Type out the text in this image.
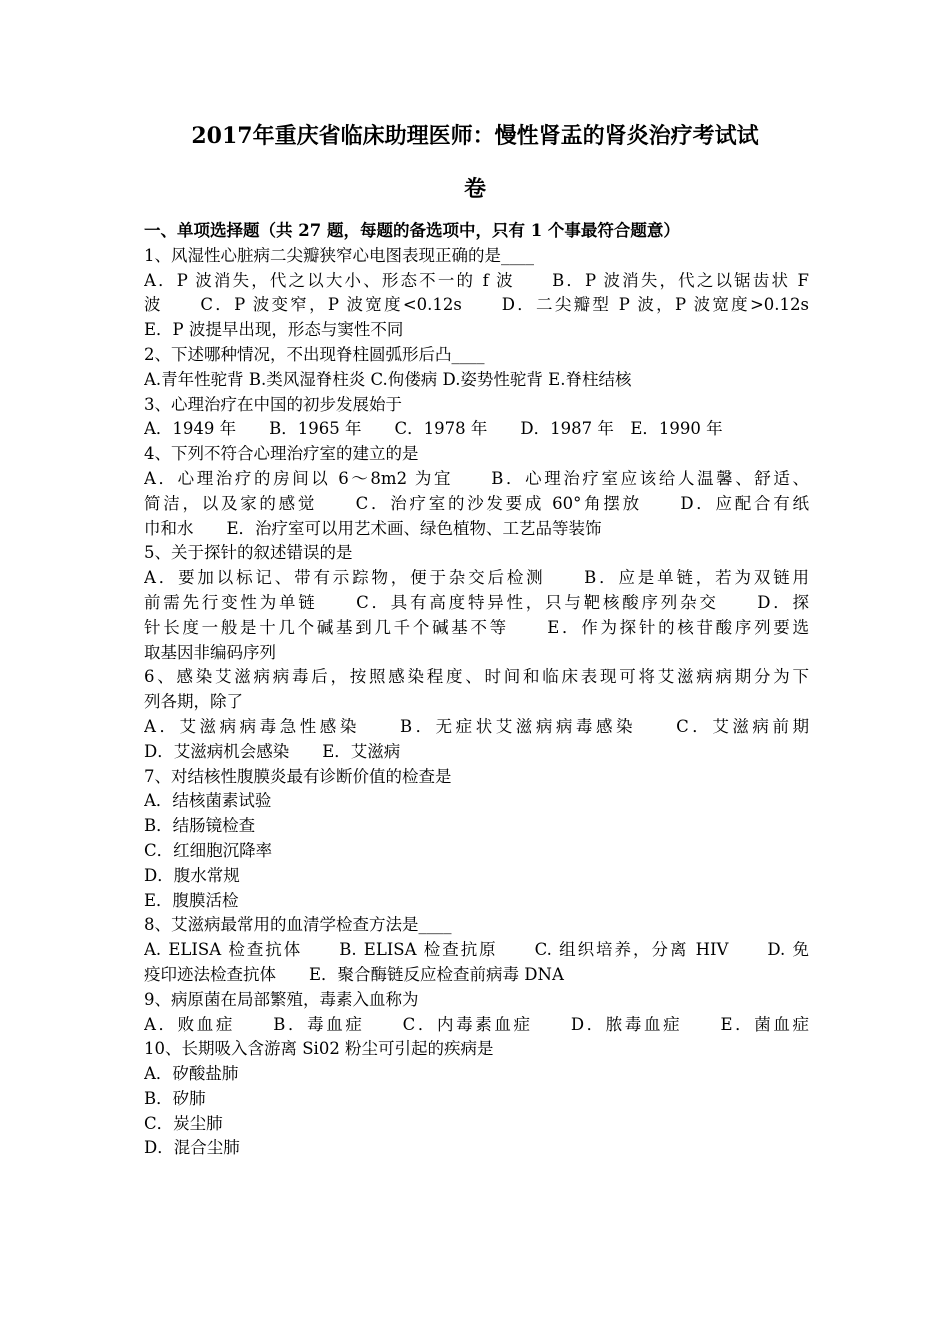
2017年重庆省临床助理医师：慢性肾盂的肾炎治疗考试试
卷
一、单项选择题（共 27 题，每题的备选项中，只有 1 个事最符合题意）
1、风湿性心脏病二尖瓣狭窄心电图表现正确的是____
A．P 波消失，代之以大小、形态不一的 f 波　　B．P 波消失，代之以锯齿状 F
波　　C．P 波变窄，P 波宽度<0.12s　　D．二尖瓣型 P 波，P 波宽度>0.12s
E．P 波提早出现，形态与窦性不同
2、下述哪种情况，不出现脊柱圆弧形后凸____
A.青年性驼背 B.类风湿脊柱炎 C.佝偻病 D.姿势性驼背 E.脊柱结核
3、心理治疗在中国的初步发展始于
A．1949 年　　B．1965 年　　C．1978 年　　D．1987 年　E．1990 年
4、下列不符合心理治疗室的建立的是
A．心理治疗的房间以 6～8m2 为宜　　B．心理治疗室应该给人温馨、舒适、
简洁，以及家的感觉　　C．治疗室的沙发要成 60°角摆放　　D．应配合有纸
巾和水　　E．治疗室可以用艺术画、绿色植物、工艺品等装饰
5、关于探针的叙述错误的是
A．要加以标记、带有示踪物，便于杂交后检测　　B．应是单链，若为双链用
前需先行变性为单链　　C．具有高度特异性，只与靶核酸序列杂交　　D．探
针长度一般是十几个碱基到几千个碱基不等　　E．作为探针的核苷酸序列要选
取基因非编码序列
6、感染艾滋病病毒后，按照感染程度、时间和临床表现可将艾滋病病期分为下
列各期，除了
A．艾滋病病毒急性感染　　B．无症状艾滋病病毒感染　　C．艾滋病前期
D．艾滋病机会感染　　E．艾滋病
7、对结核性腹膜炎最有诊断价值的检查是
A．结核菌素试验
B．结肠镜检查
C．红细胞沉降率
D．腹水常规
E．腹膜活检
8、艾滋病最常用的血清学检查方法是____
A. ELISA 检查抗体　　B. ELISA 检查抗原　　C. 组织培养，分离 HIV　　D. 免
疫印迹法检查抗体　　E．聚合酶链反应检查前病毒 DNA
9、病原菌在局部繁殖，毒素入血称为
A．败血症　　B．毒血症　　C．内毒素血症　　D．脓毒血症　　E．菌血症
10、长期吸入含游离 Si02 粉尘可引起的疾病是
A．矽酸盐肺
B．矽肺
C．炭尘肺
D．混合尘肺
